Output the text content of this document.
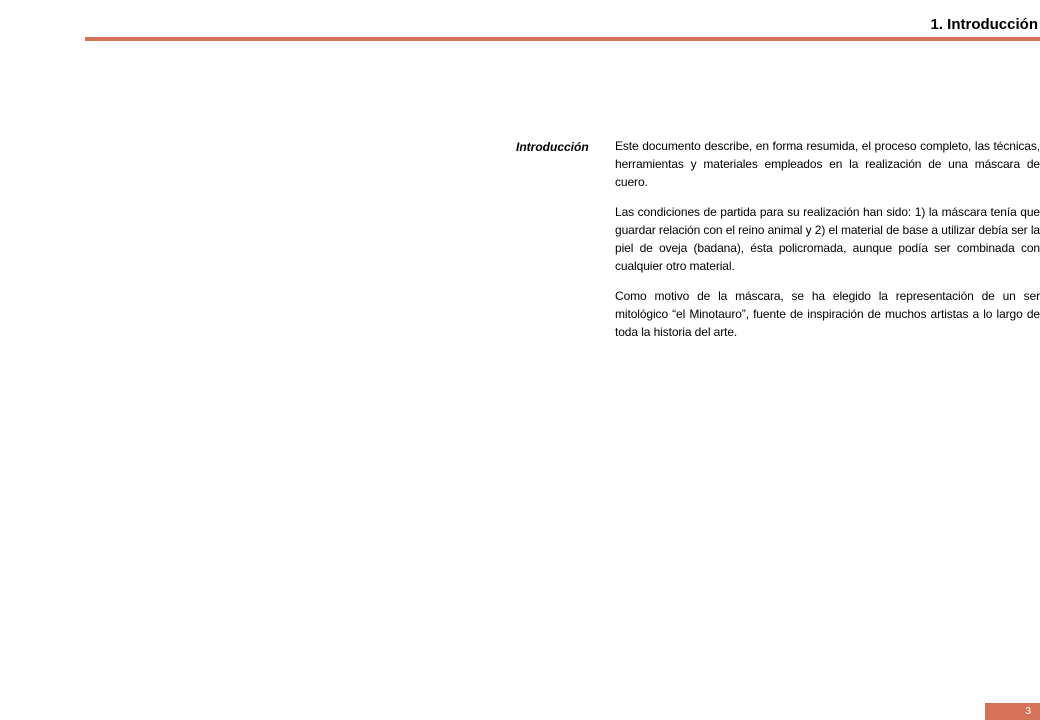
1. Introducción
Introducción Este documento describe, en forma resumida, el proceso completo, las técnicas, herramientas y materiales empleados en la realización de una máscara de cuero.

Las condiciones de partida para su realización han sido: 1) la máscara tenía que guardar relación con el reino animal y 2) el material de base a utilizar debía ser la piel de oveja (badana), ésta policromada, aunque podía ser combinada con cualquier otro material.

Como motivo de la máscara, se ha elegido la representación de un ser mitológico “el Minotauro”, fuente de inspiración de muchos artistas a lo largo de toda la historia del arte.

3
